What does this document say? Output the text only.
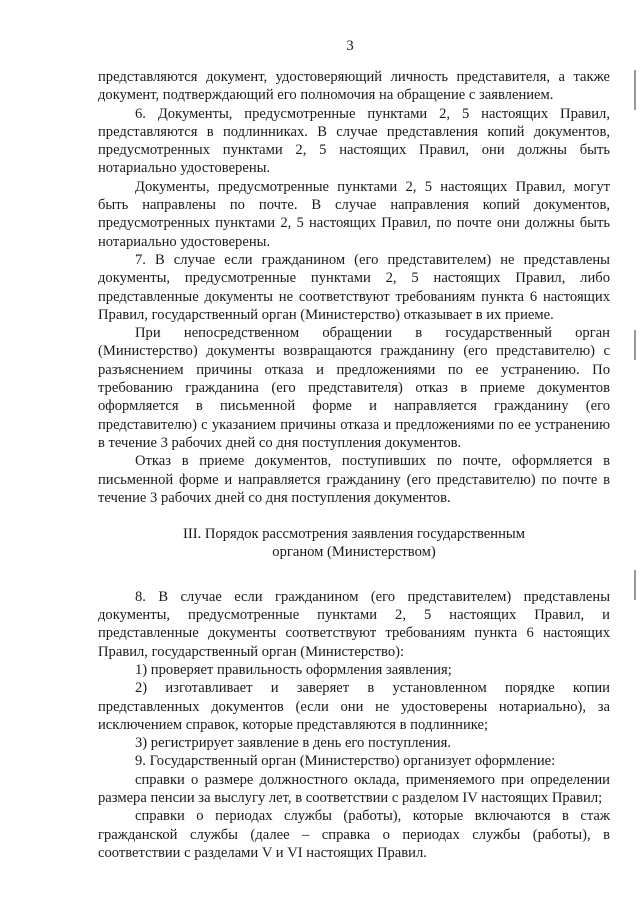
3

представляются документ, удостоверяющий личность представителя, а также документ, подтверждающий его полномочия на обращение с заявлением.

6. Документы, предусмотренные пунктами 2, 5 настоящих Правил, представляются в подлинниках. В случае представления копий документов, предусмотренных пунктами 2, 5 настоящих Правил, они должны быть нотариально удостоверены.

Документы, предусмотренные пунктами 2, 5 настоящих Правил, могут быть направлены по почте. В случае направления копий документов, предусмотренных пунктами 2, 5 настоящих Правил, по почте они должны быть нотариально удостоверены.

7. В случае если гражданином (его представителем) не представлены документы, предусмотренные пунктами 2, 5 настоящих Правил, либо представленные документы не соответствуют требованиям пункта 6 настоящих Правил, государственный орган (Министерство) отказывает в их приеме.

При непосредственном обращении в государственный орган (Министерство) документы возвращаются гражданину (его представителю) с разъяснением причины отказа и предложениями по ее устранению. По требованию гражданина (его представителя) отказ в приеме документов оформляется в письменной форме и направляется гражданину (его представителю) с указанием причины отказа и предложениями по ее устранению в течение 3 рабочих дней со дня поступления документов.

Отказ в приеме документов, поступивших по почте, оформляется в письменной форме и направляется гражданину (его представителю) по почте в течение 3 рабочих дней со дня поступления документов.

III. Порядок рассмотрения заявления государственным
органом (Министерством)

8. В случае если гражданином (его представителем) представлены документы, предусмотренные пунктами 2, 5 настоящих Правил, и представленные документы соответствуют требованиям пункта 6 настоящих Правил, государственный орган (Министерство):

1) проверяет правильность оформления заявления;

2) изготавливает и заверяет в установленном порядке копии представленных документов (если они не удостоверены нотариально), за исключением справок, которые представляются в подлиннике;

3) регистрирует заявление в день его поступления.

9. Государственный орган (Министерство) организует оформление:

справки о размере должностного оклада, применяемого при определении размера пенсии за выслугу лет, в соответствии с разделом IV настоящих Правил;

справки о периодах службы (работы), которые включаются в стаж гражданской службы (далее – справка о периодах службы (работы), в соответствии с разделами V и VI настоящих Правил.
